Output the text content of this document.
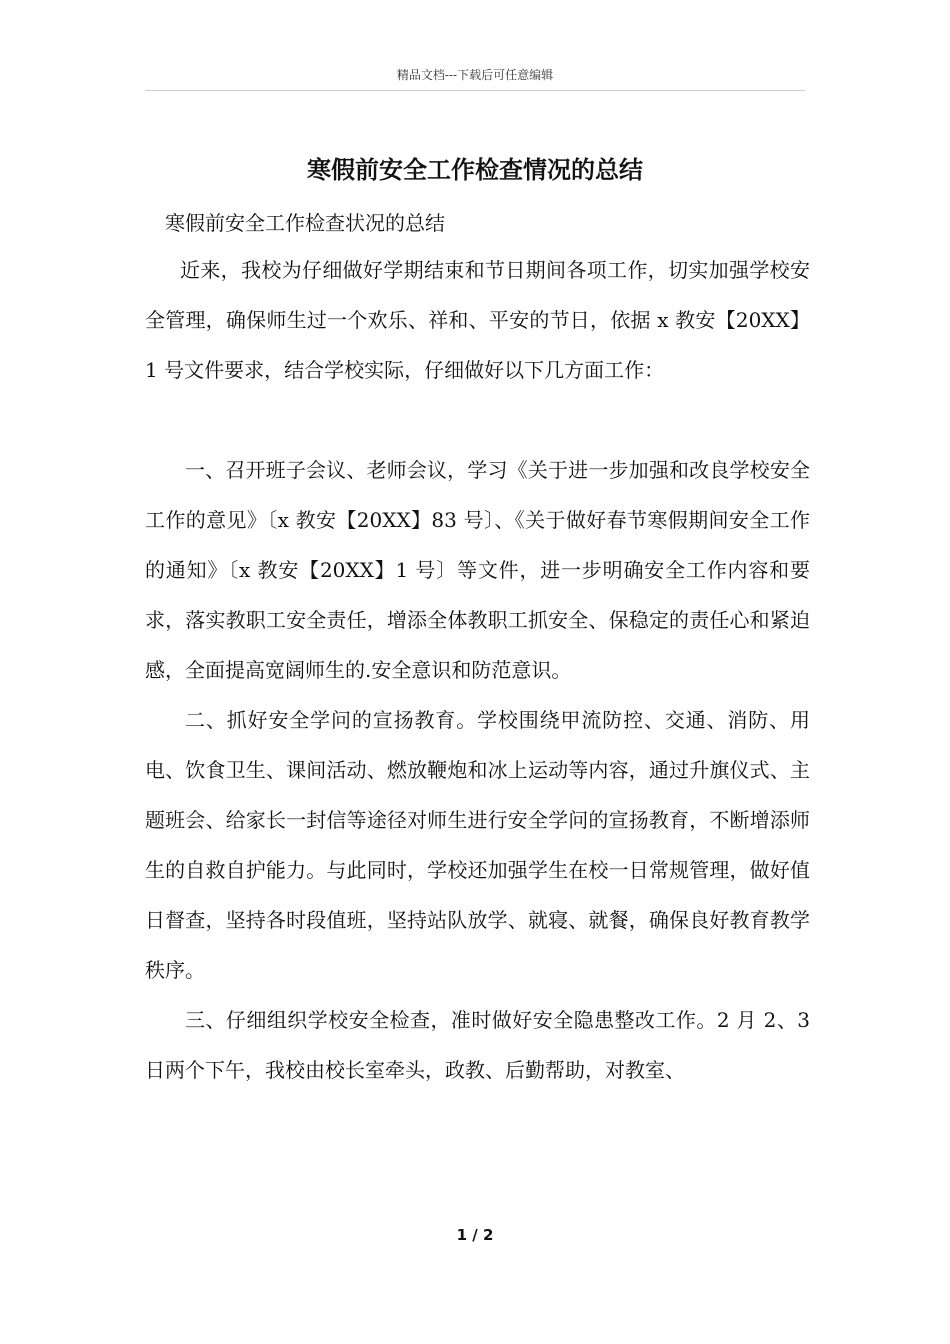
精品文档---下载后可任意编辑
寒假前安全工作检查情况的总结
寒假前安全工作检查状况的总结

近来，我校为仔细做好学期结束和节日期间各项工作，切实加强学校安全管理，确保师生过一个欢乐、祥和、平安的节日，依据 x 教安【20XX】1 号文件要求，结合学校实际，仔细做好以下几方面工作：

一、召开班子会议、老师会议，学习《关于进一步加强和改良学校安全工作的意见》〔x 教安【20XX】83 号〕、《关于做好春节寒假期间安全工作的通知》〔x 教安【20XX】1 号〕等文件，进一步明确安全工作内容和要求，落实教职工安全责任，增添全体教职工抓安全、保稳定的责任心和紧迫感，全面提高宽阔师生的.安全意识和防范意识。

二、抓好安全学问的宣扬教育。学校围绕甲流防控、交通、消防、用电、饮食卫生、课间活动、燃放鞭炮和冰上运动等内容，通过升旗仪式、主题班会、给家长一封信等途径对师生进行安全学问的宣扬教育，不断增添师生的自救自护能力。与此同时，学校还加强学生在校一日常规管理，做好值日督查，坚持各时段值班，坚持站队放学、就寝、就餐，确保良好教育教学秩序。

三、仔细组织学校安全检查，准时做好安全隐患整改工作。2 月 2、3 日两个下午，我校由校长室牵头，政教、后勤帮助，对教室、

1 / 2
